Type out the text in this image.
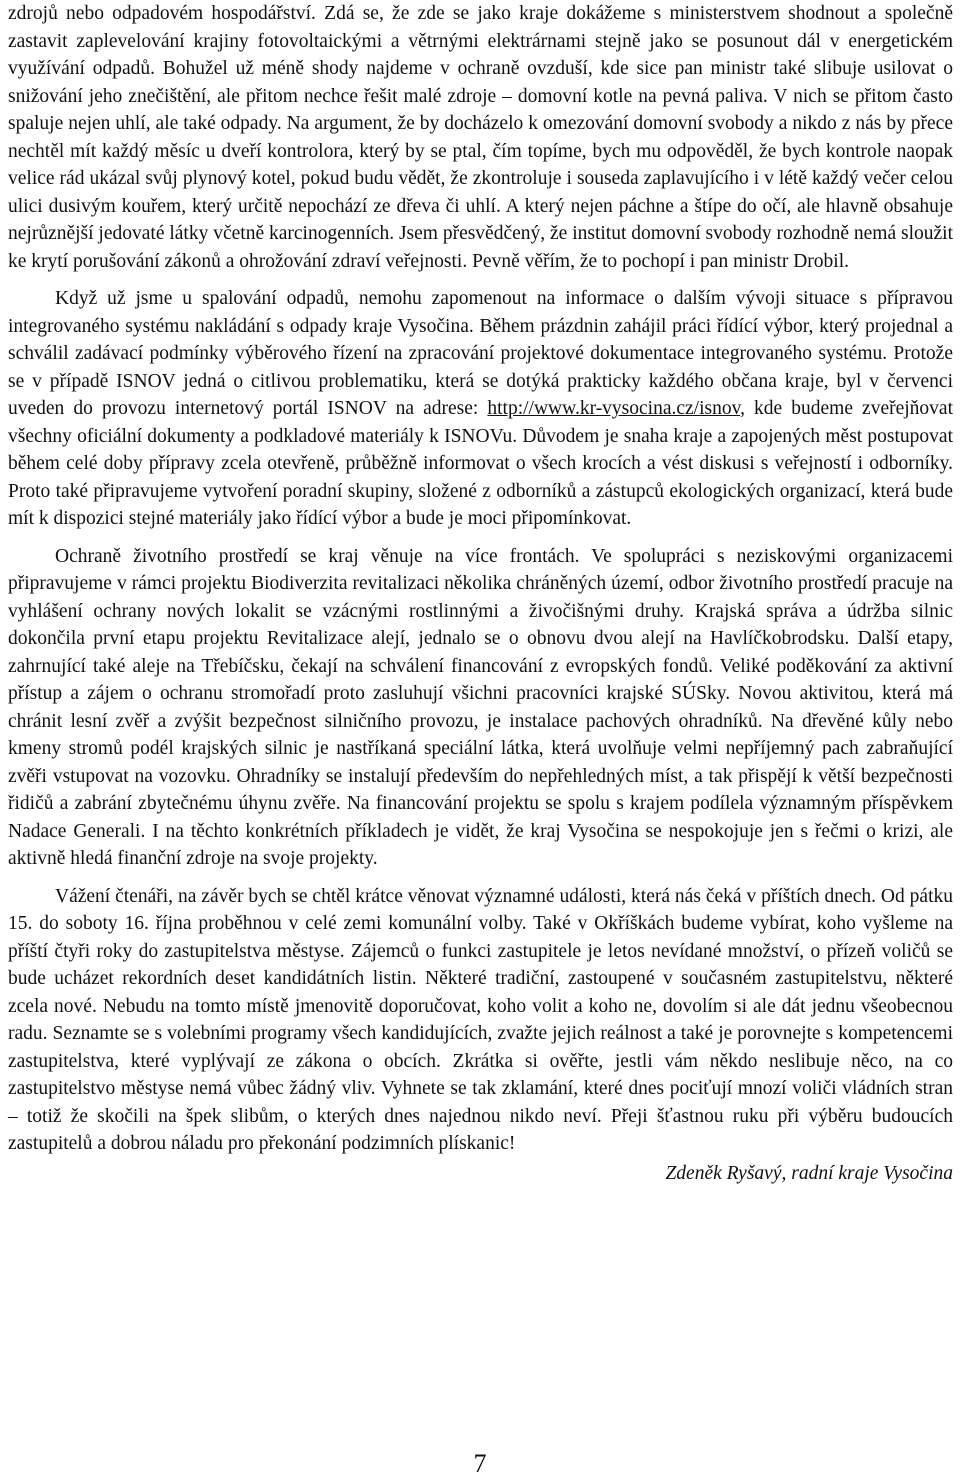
zdrojů nebo odpadovém hospodářství. Zdá se, že zde se jako kraje dokážeme s ministerstvem shodnout a společně zastavit zaplevelování krajiny fotovoltaickými a větrnými elektrárnami stejně jako se posunout dál v energetickém využívání odpadů. Bohužel už méně shody najdeme v ochraně ovzduší, kde sice pan ministr také slibuje usilovat o snižování jeho znečištění, ale přitom nechce řešit malé zdroje – domovní kotle na pevná paliva. V nich se přitom často spaluje nejen uhlí, ale také odpady. Na argument, že by docházelo k omezování domovní svobody a nikdo z nás by přece nechtěl mít každý měsíc u dveří kontrolora, který by se ptal, čím topíme, bych mu odpověděl, že bych kontrole naopak velice rád ukázal svůj plynový kotel, pokud budu vědět, že zkontroluje i souseda zaplavujícího i v létě každý večer celou ulici dusivým kouřem, který určitě nepochází ze dřeva či uhlí. A který nejen páchne a štípe do očí, ale hlavně obsahuje nejrůznější jedovaté látky včetně karcinogenních. Jsem přesvědčený, že institut domovní svobody rozhodně nemá sloužit ke krytí porušování zákonů a ohrožování zdraví veřejnosti. Pevně věřím, že to pochopí i pan ministr Drobil.

Když už jsme u spalování odpadů, nemohu zapomenout na informace o dalším vývoji situace s přípravou integrovaného systému nakládání s odpady kraje Vysočina. Během prázdnin zahájil práci řídící výbor, který projednal a schválil zadávací podmínky výběrového řízení na zpracování projektové dokumentace integrovaného systému. Protože se v případě ISNOV jedná o citlivou problematiku, která se dotýká prakticky každého občana kraje, byl v červenci uveden do provozu internetový portál ISNOV na adrese: http://www.kr-vysocina.cz/isnov, kde budeme zveřejňovat všechny oficiální dokumenty a podkladové materiály k ISNOVu. Důvodem je snaha kraje a zapojených měst postupovat během celé doby přípravy zcela otevřeně, průběžně informovat o všech krocích a vést diskusi s veřejností i odborníky. Proto také připravujeme vytvoření poradní skupiny, složené z odborníků a zástupců ekologických organizací, která bude mít k dispozici stejné materiály jako řídící výbor a bude je moci připomínkovat.

Ochraně životního prostředí se kraj věnuje na více frontách. Ve spolupráci s neziskovými organizacemi připravujeme v rámci projektu Biodiverzita revitalizaci několika chráněných území, odbor životního prostředí pracuje na vyhlášení ochrany nových lokalit se vzácnými rostlinnými a živočišnými druhy. Krajská správa a údržba silnic dokončila první etapu projektu Revitalizace alejí, jednalo se o obnovu dvou alejí na Havlíčkobrodsku. Další etapy, zahrnující také aleje na Třebíčsku, čekají na schválení financování z evropských fondů. Veliké poděkování za aktivní přístup a zájem o ochranu stromořadí proto zasluhují všichni pracovníci krajské SÚSky. Novou aktivitou, která má chránit lesní zvěř a zvýšit bezpečnost silničního provozu, je instalace pachových ohradníků. Na dřevěné kůly nebo kmeny stromů podél krajských silnic je nastříkaná speciální látka, která uvolňuje velmi nepříjemný pach zabraňující zvěři vstupovat na vozovku. Ohradníky se instalují především do nepřehledných míst, a tak přispějí k větší bezpečnosti řidičů a zabrání zbytečnému úhynu zvěře. Na financování projektu se spolu s krajem podílela významným příspěvkem Nadace Generali. I na těchto konkrétních příkladech je vidět, že kraj Vysočina se nespokojuje jen s řečmi o krizi, ale aktivně hledá finanční zdroje na svoje projekty.

Vážení čtenáři, na závěr bych se chtěl krátce věnovat významné události, která nás čeká v příštích dnech. Od pátku 15. do soboty 16. října proběhnou v celé zemi komunální volby. Také v Okříškách budeme vybírat, koho vyšleme na příští čtyři roky do zastupitelstva městyse. Zájemců o funkci zastupitele je letos nevídané množství, o přízeň voličů se bude ucházet rekordních deset kandidátních listin. Některé tradiční, zastoupené v současném zastupitelstvu, některé zcela nové. Nebudu na tomto místě jmenovitě doporučovat, koho volit a koho ne, dovolím si ale dát jednu všeobecnou radu. Seznamte se s volebními programy všech kandidujících, zvažte jejich reálnost a také je porovnejte s kompetencemi zastupitelstva, které vyplývají ze zákona o obcích. Zkrátka si ověřte, jestli vám někdo neslibuje něco, na co zastupitelstvo městyse nemá vůbec žádný vliv. Vyhnete se tak zklamání, které dnes pociťují mnozí voliči vládních stran – totiž že skočili na špek slibům, o kterých dnes najednou nikdo neví. Přeji šťastnou ruku při výběru budoucích zastupitelů a dobrou náladu pro překonání podzimních plískanic!

Zdeněk Ryšavý, radní kraje Vysočina
7
